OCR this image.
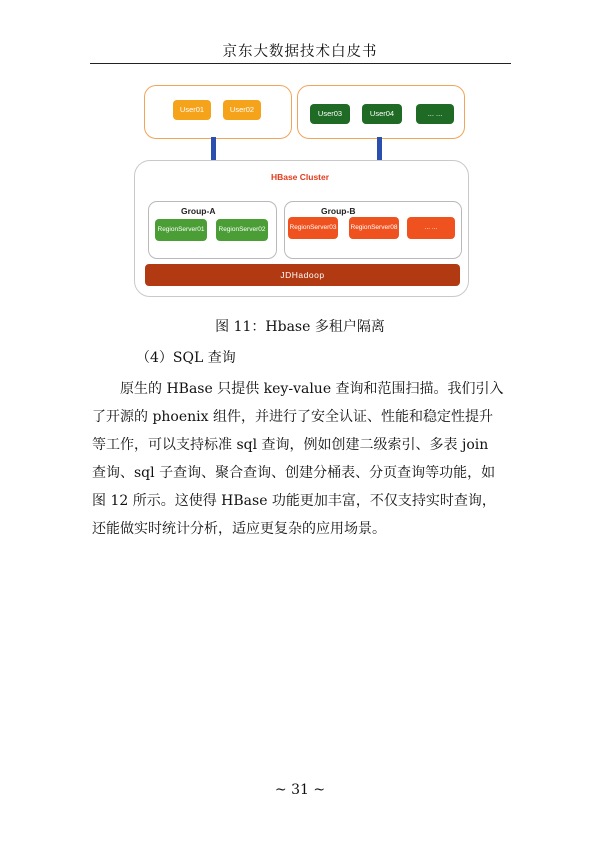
京东大数据技术白皮书
User01	User02	User03	User04	... ...
HBase Cluster
Group-A
RegionServer01	RegionServer02
Group-B
RegionServer03 RegionServer08	... ...
JDHadoop
图 11：Hbase 多租户隔离
（4）SQL 查询
　　原生的 HBase 只提供 key-value 查询和范围扫描。我们引入
了开源的 phoenix 组件，并进行了安全认证、性能和稳定性提升
等工作，可以支持标准 sql 查询，例如创建二级索引、多表 join
查询、sql 子查询、聚合查询、创建分桶表、分页查询等功能，如
图 12 所示。这使得 HBase 功能更加丰富，不仅支持实时查询，
还能做实时统计分析，适应更复杂的应用场景。
~ 31 ~
